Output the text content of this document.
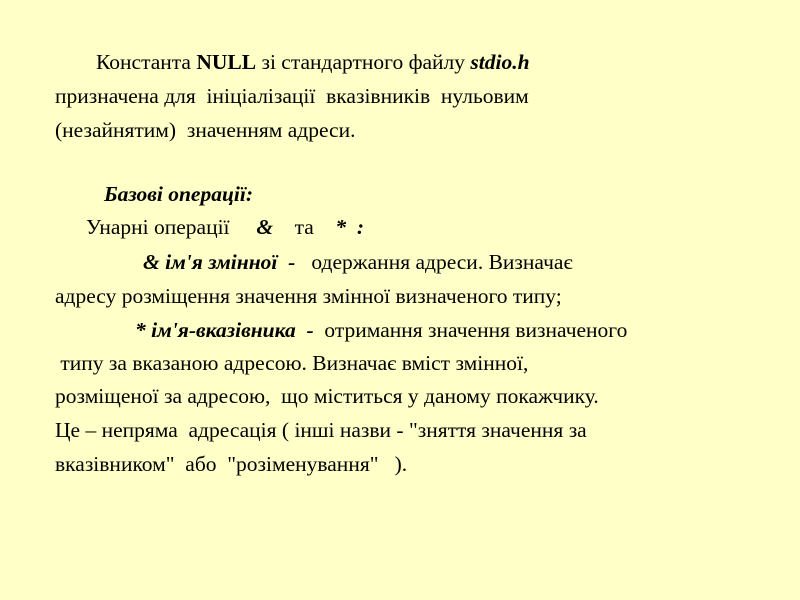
Константа NULL зі стандартного файлу stdio.h
призначена для  ініціалізації  вказівників  нульовим
(незайнятим)  значенням адреси.
Базові операції:
Унарні операції     &    та    *  :
& ім'я змінної  -   одержання адреси. Визначає
адресу розміщення значення змінної визначеного типу;
* ім'я-вказівника  -  отримання значення визначеного
типу за вказаною адресою. Визначає вміст змінної,
розміщеної за адресою,  що міститься у даному покажчику.
Це – непряма  адресація ( інші назви - "зняття значення за
вказівником"  або  "розіменування"   ).
